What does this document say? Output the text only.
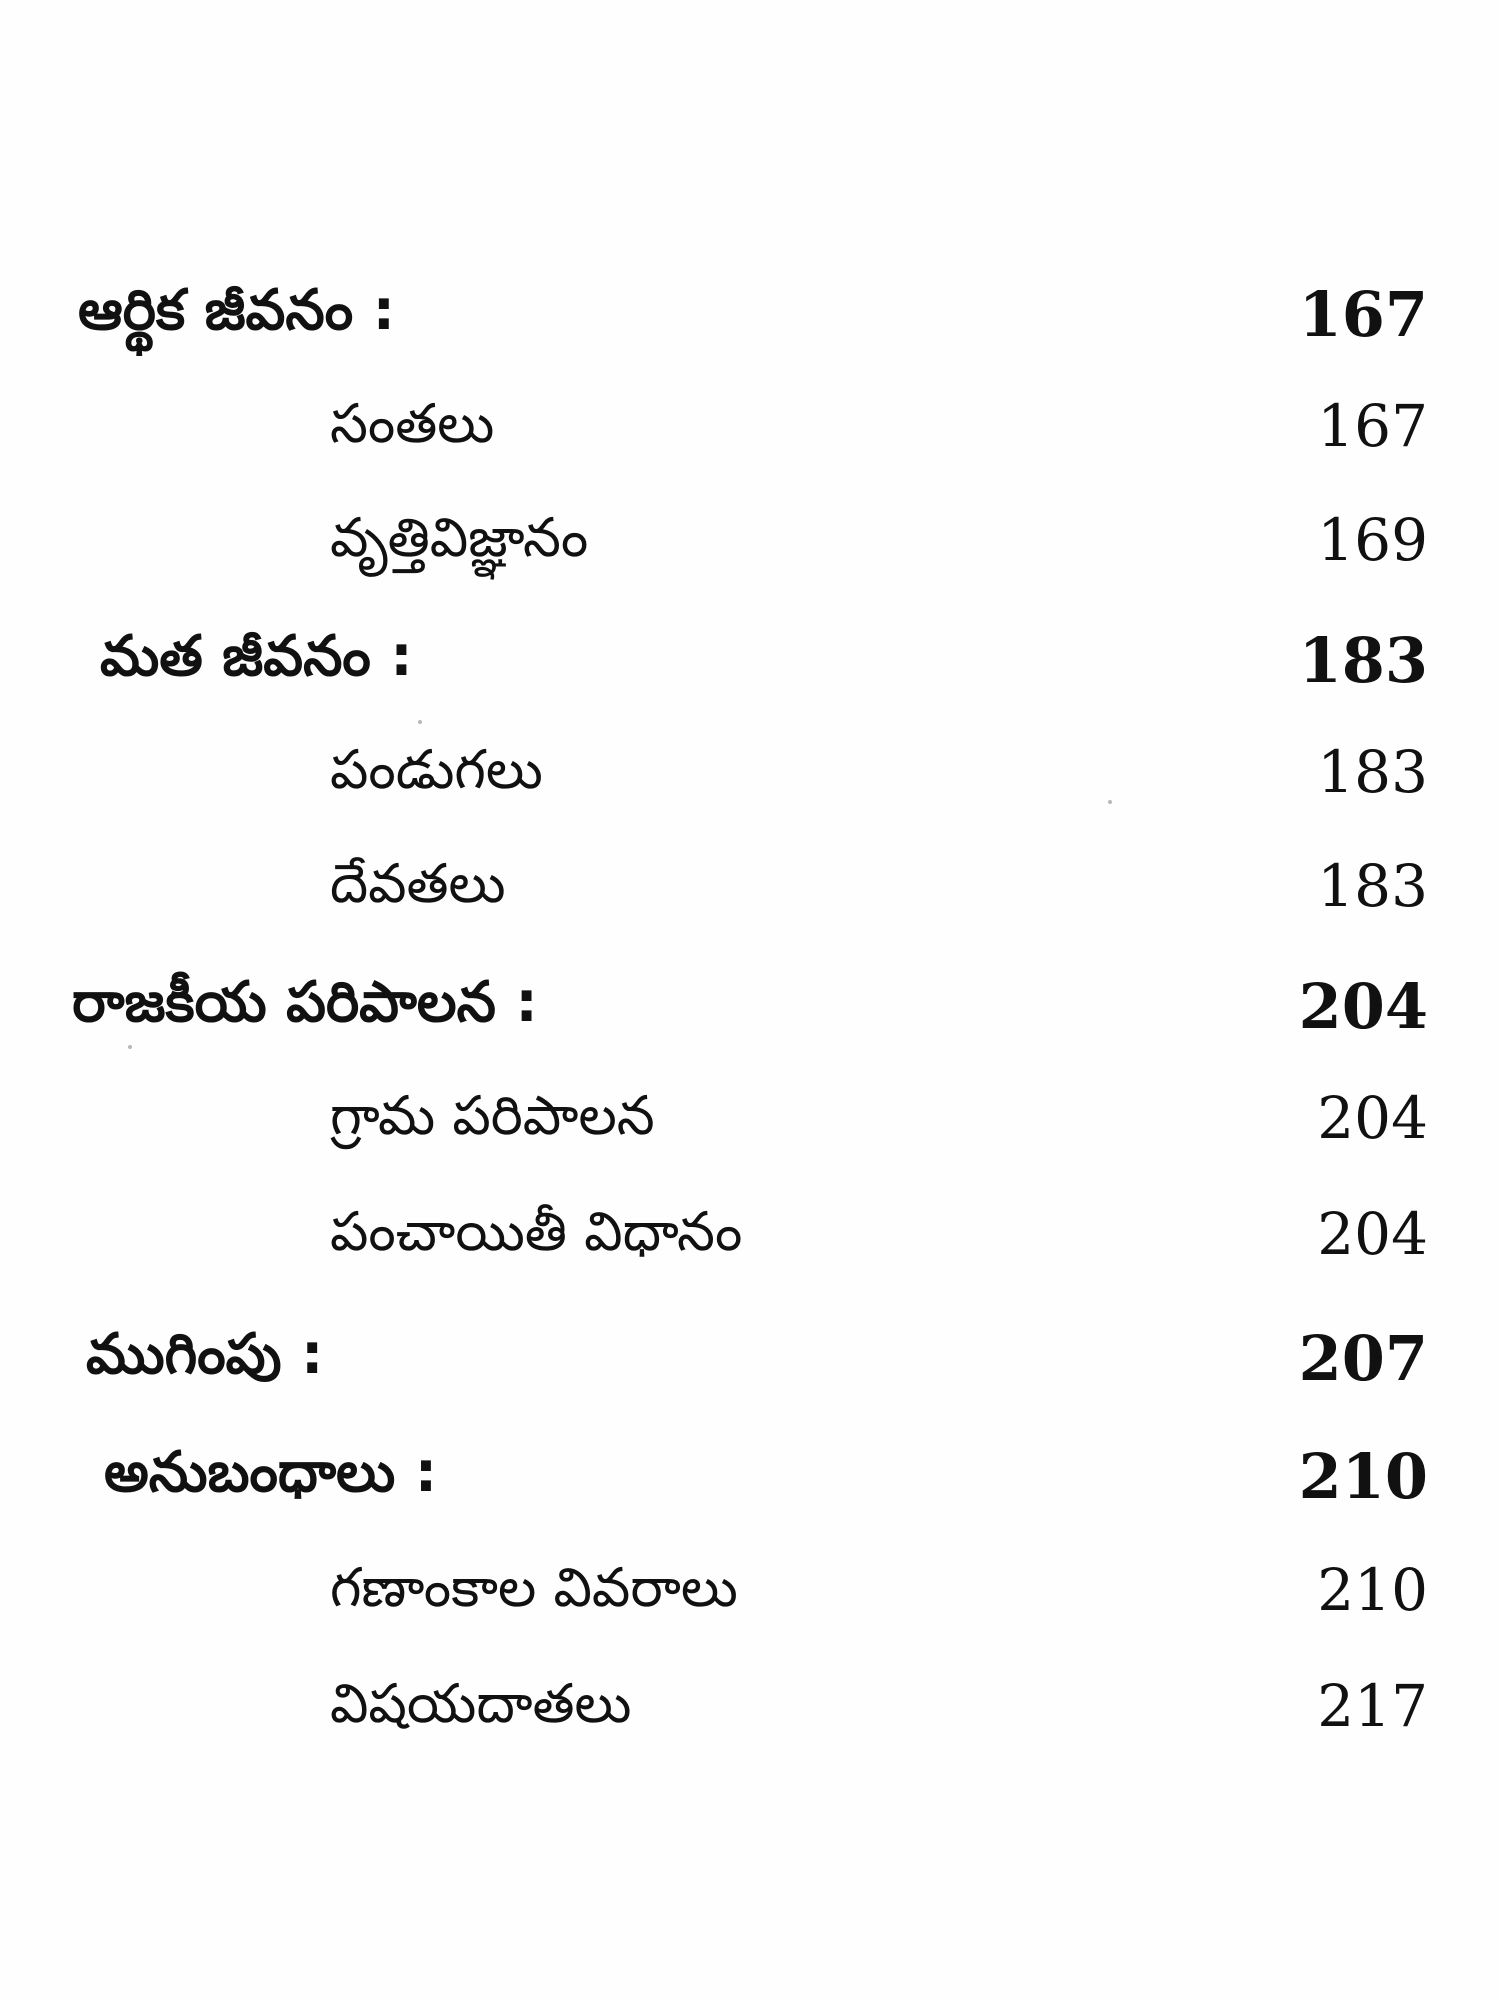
ఆర్థిక జీవనం :	167
సంతలు	167
వృత్తివిజ్ఞానం	169
మత జీవనం :	183
పండుగలు	183
దేవతలు	183
రాజకీయ పరిపాలన :	204
గ్రామ పరిపాలన	204
పంచాయితీ విధానం	204
ముగింపు :	207
అనుబంధాలు :	210
గణాంకాల వివరాలు	210
విషయదాతలు	217
